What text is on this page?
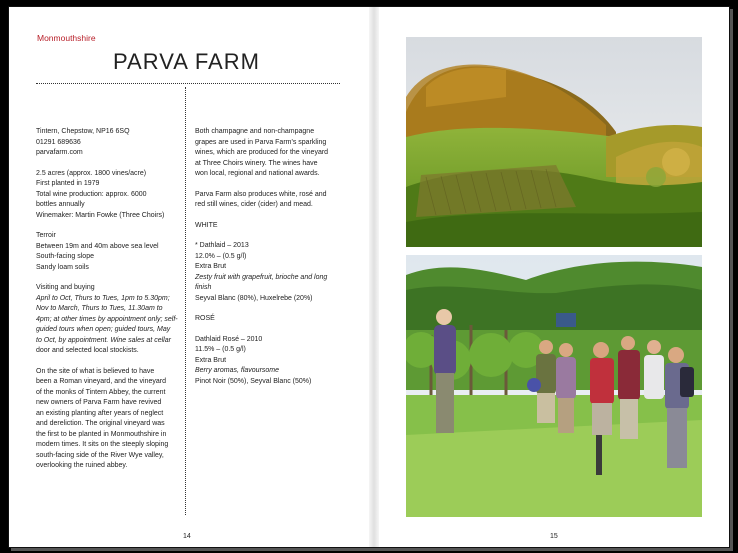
Monmouthshire
PARVA FARM

Tintern, Chepstow, NP16 6SQ
01291 689636
parvafarm.com

2.5 acres (approx. 1800 vines/acre)
First planted in 1979
Total wine production: approx. 6000
bottles annually
Winemaker: Martin Fowke (Three Choirs)

Terroir
Between 19m and 40m above sea level
South-facing slope
Sandy loam soils

Visiting and buying
April to Oct, Thurs to Tues, 1pm to 5.30pm;
Nov to March, Thurs to Tues, 11.30am to
4pm; at other times by appointment only; self-
guided tours when open; guided tours, May
to Oct, by appointment. Wine sales at cellar
door and selected local stockists.

On the site of what is believed to have
been a Roman vineyard, and the vineyard
of the monks of Tintern Abbey, the current
new owners of Parva Farm have revived
an existing planting after years of neglect
and dereliction. The original vineyard was
the first to be planted in Monmouthshire in
modern times. It sits on the steeply sloping
south-facing side of the River Wye valley,
overlooking the ruined abbey.

Both champagne and non-champagne
grapes are used in Parva Farm's sparkling
wines, which are produced for the vineyard
at Three Choirs winery. The wines have
won local, regional and national awards.

Parva Farm also produces white, rosé and
red still wines, cider (cider) and mead.

WHITE

* Dathlaid – 2013
12.0% – (0.5 g/l)
Extra Brut
Zesty fruit with grapefruit, brioche and long
finish
Seyval Blanc (80%), Huxelrebe (20%)

ROSÉ

Dathlaid Rosé – 2010
11.5% – (0.5 g/l)
Extra Brut
Berry aromas, flavoursome
Pinot Noir (50%), Seyval Blanc (50%)

14	15
